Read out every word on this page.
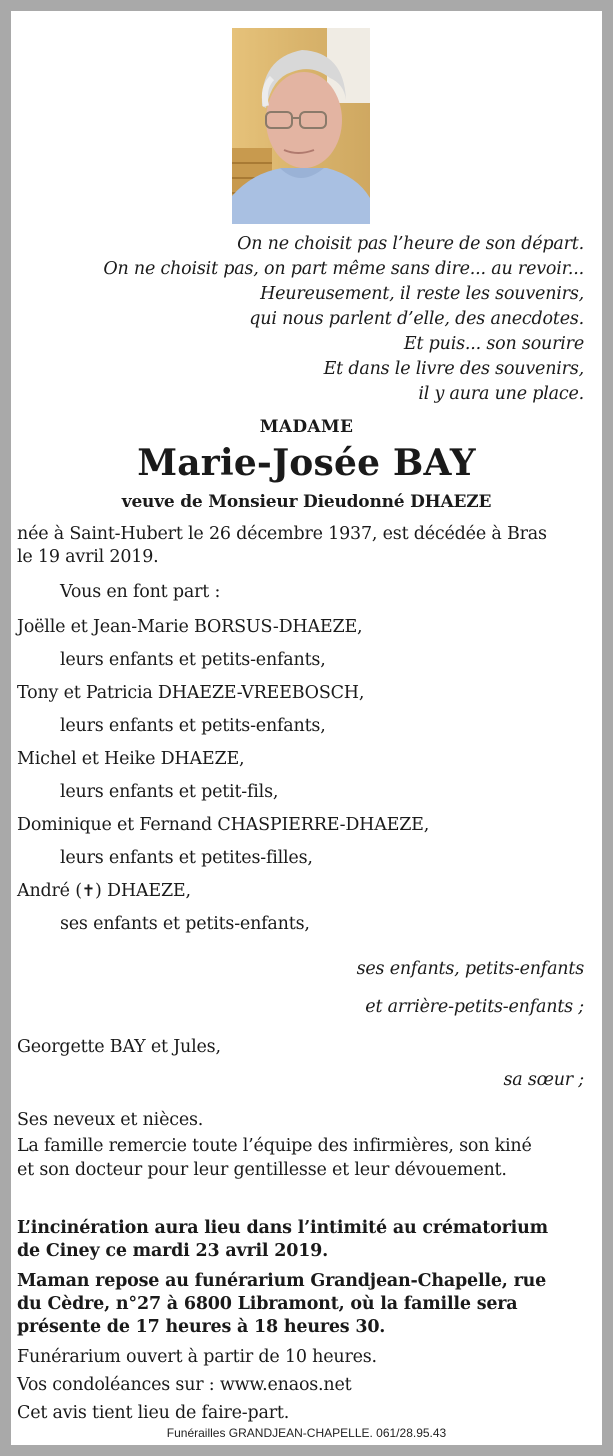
On ne choisit pas l’heure de son départ.
On ne choisit pas, on part même sans dire... au revoir...
Heureusement, il reste les souvenirs,
qui nous parlent d’elle, des anecdotes.
Et puis... son sourire
Et dans le livre des souvenirs,
il y aura une place.
MADAME
Marie-Josée BAY
veuve de Monsieur Dieudonné DHAEZE
née à Saint-Hubert le 26 décembre 1937, est décédée à Bras
le 19 avril 2019.
Vous en font part :
Joëlle et Jean-Marie BORSUS-DHAEZE,
leurs enfants et petits-enfants,
Tony et Patricia DHAEZE-VREEBOSCH,
leurs enfants et petits-enfants,
Michel et Heike DHAEZE,
leurs enfants et petit-fils,
Dominique et Fernand CHASPIERRE-DHAEZE,
leurs enfants et petites-filles,
André (✝) DHAEZE,
ses enfants et petits-enfants,
ses enfants, petits-enfants
et arrière-petits-enfants ;
Georgette BAY et Jules,
sa sœur ;
Ses neveux et nièces.
La famille remercie toute l’équipe des infirmières, son kiné
et son docteur pour leur gentillesse et leur dévouement.
L’incinération aura lieu dans l’intimité au crématorium
de Ciney ce mardi 23 avril 2019.
Maman repose au funérarium Grandjean-Chapelle, rue
du Cèdre, n°27 à 6800 Libramont, où la famille sera
présente de 17 heures à 18 heures 30.
Funérarium ouvert à partir de 10 heures.
Vos condoléances sur : www.enaos.net
Cet avis tient lieu de faire-part.
Funérailles GRANDJEAN-CHAPELLE. 061/28.95.43
